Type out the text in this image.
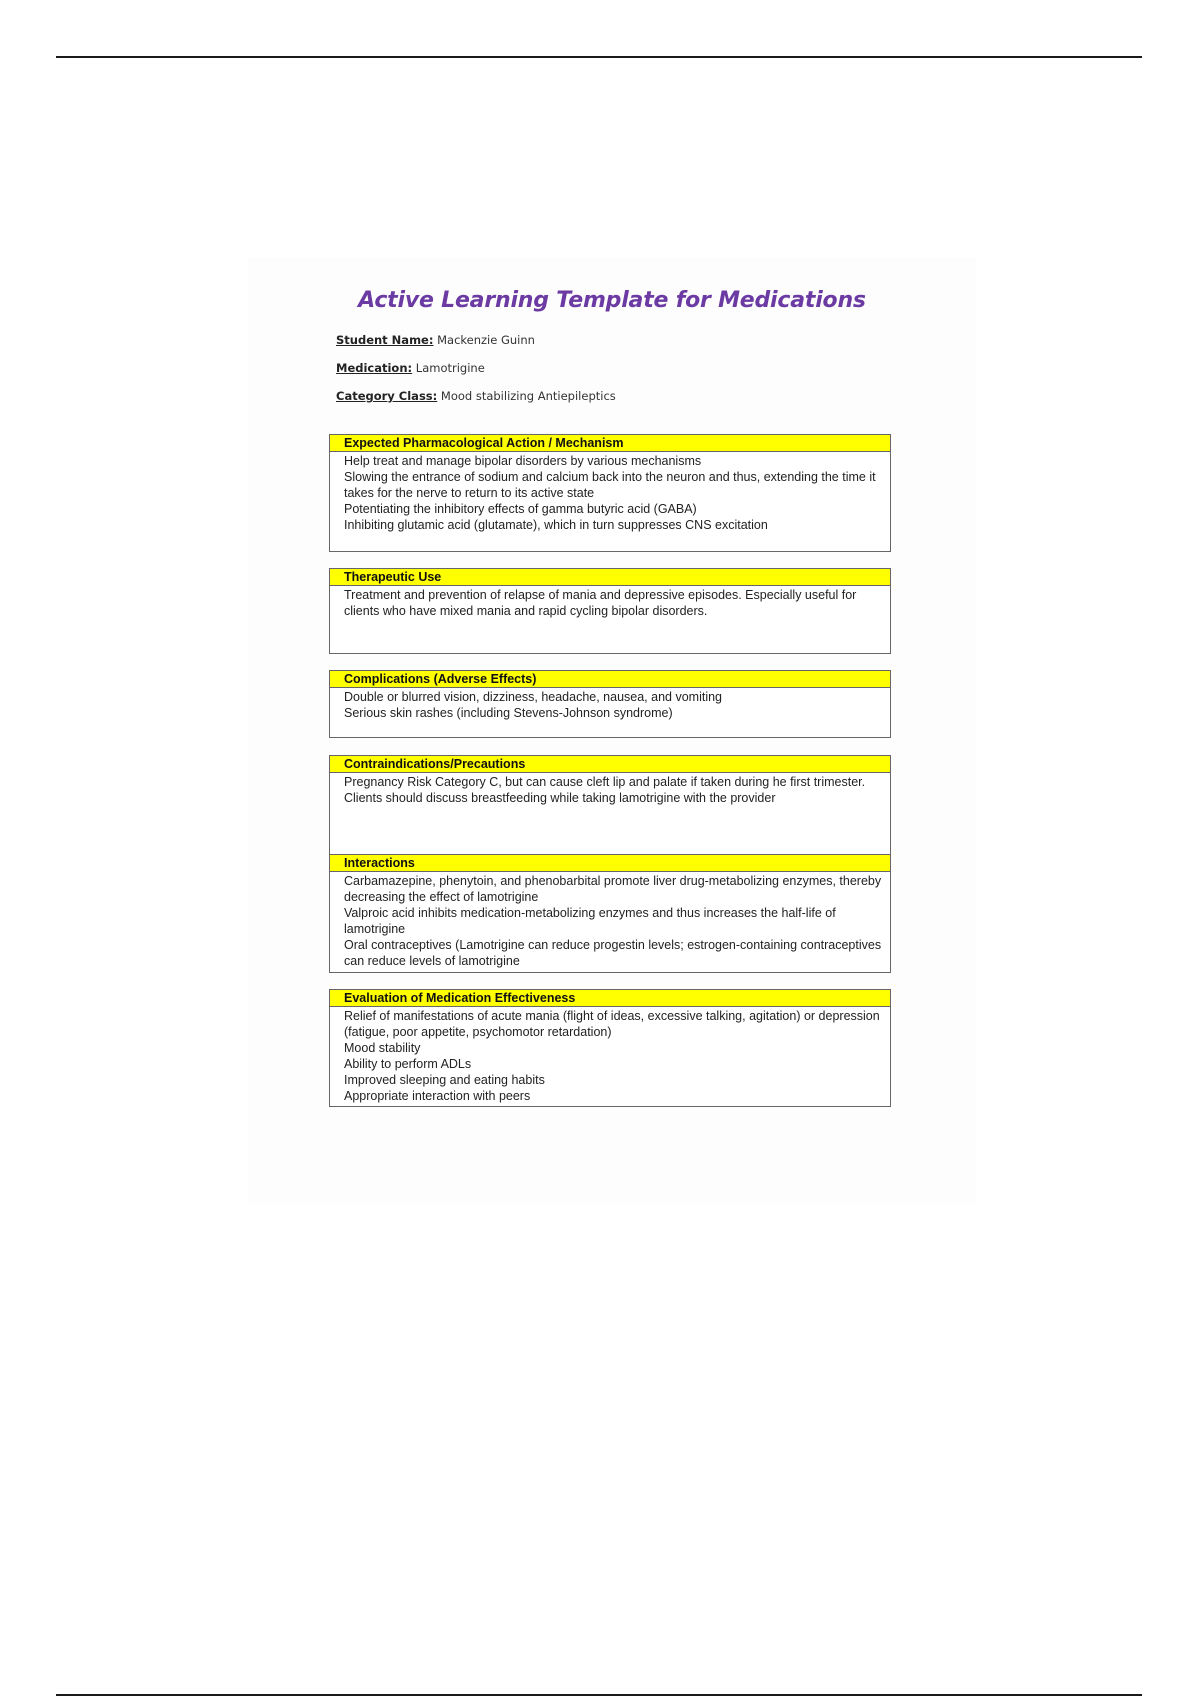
Active Learning Template for Medications
Student Name: Mackenzie Guinn
Medication: Lamotrigine
Category Class: Mood stabilizing Antiepileptics
Expected Pharmacological Action / Mechanism

Help treat and manage bipolar disorders by various mechanisms

Slowing the entrance of sodium and calcium back into the neuron and thus, extending the time it takes for the nerve to return to its active state

Potentiating the inhibitory effects of gamma butyric acid (GABA)

Inhibiting glutamic acid (glutamate), which in turn suppresses CNS excitation

Therapeutic Use

Treatment and prevention of relapse of mania and depressive episodes. Especially useful for clients who have mixed mania and rapid cycling bipolar disorders.

Complications (Adverse Effects)

Double or blurred vision, dizziness, headache, nausea, and vomiting

Serious skin rashes (including Stevens-Johnson syndrome)

Contraindications/Precautions

Pregnancy Risk Category C, but can cause cleft lip and palate if taken during he first trimester. Clients should discuss breastfeeding while taking lamotrigine with the provider

Interactions

Carbamazepine, phenytoin, and phenobarbital promote liver drug-metabolizing enzymes, thereby decreasing the effect of lamotrigine

Valproic acid inhibits medication-metabolizing enzymes and thus increases the half-life of lamotrigine

Oral contraceptives (Lamotrigine can reduce progestin levels; estrogen-containing contraceptives can reduce levels of lamotrigine

Evaluation of Medication Effectiveness

Relief of manifestations of acute mania (flight of ideas, excessive talking, agitation) or depression (fatigue, poor appetite, psychomotor retardation)

Mood stability

Ability to perform ADLs

Improved sleeping and eating habits

Appropriate interaction with peers
